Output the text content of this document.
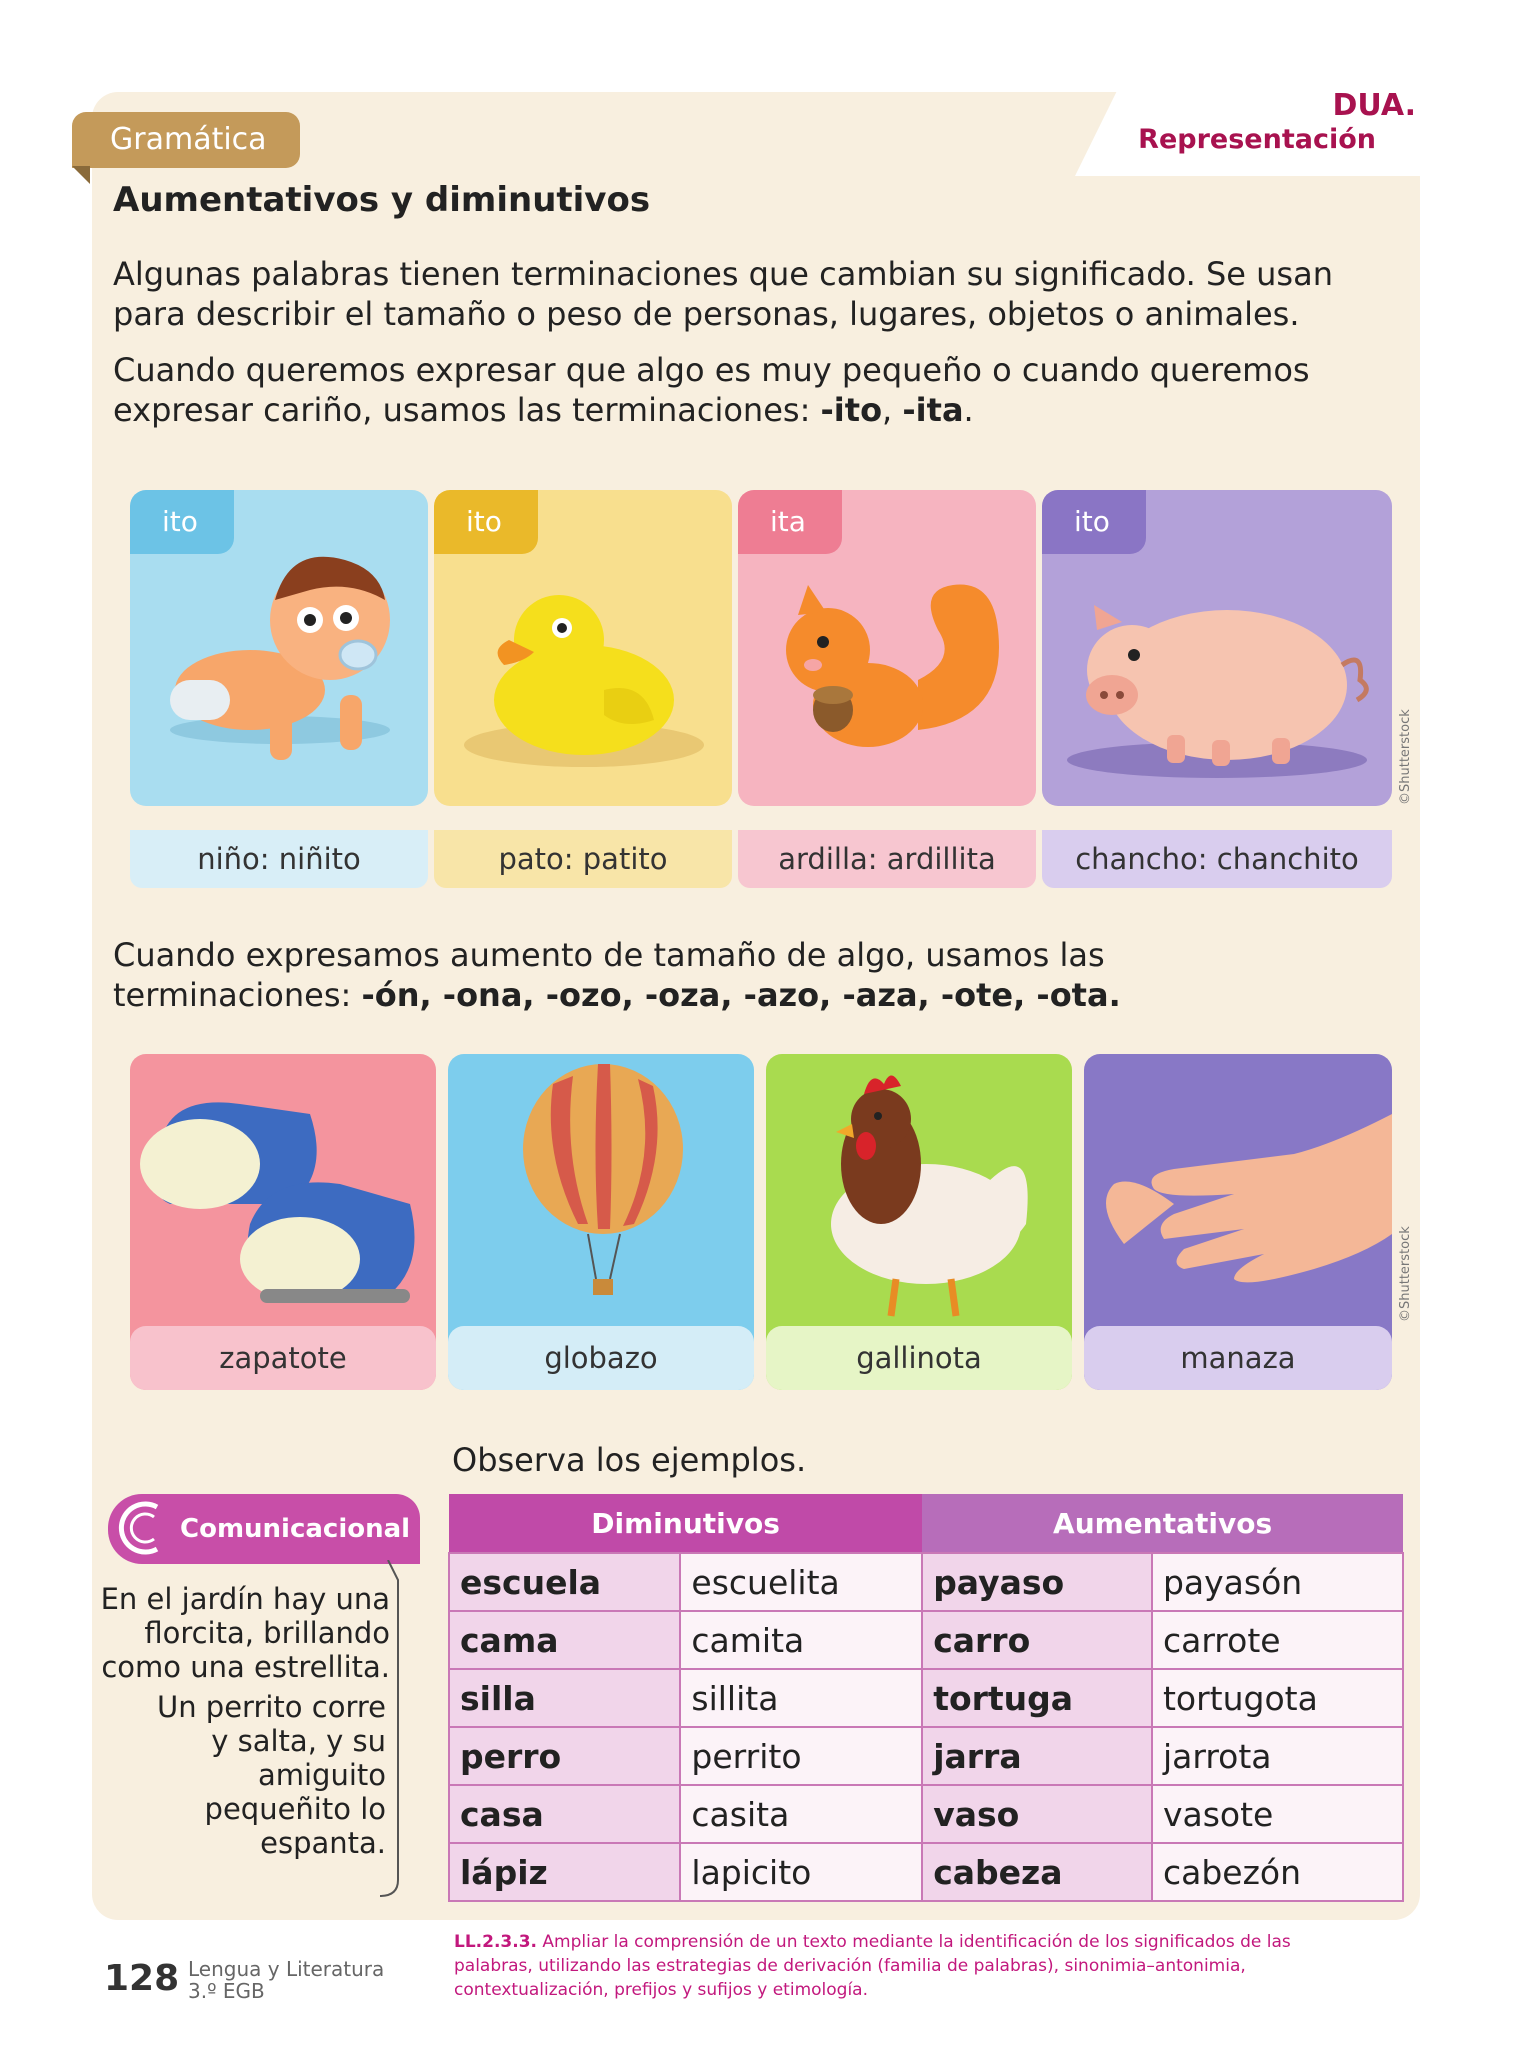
DUA.
Representación
Gramática
Aumentativos y diminutivos

Algunas palabras tienen terminaciones que cambian su significado. Se usan para describir el tamaño o peso de personas, lugares, objetos o animales.

Cuando queremos expresar que algo es muy pequeño o cuando queremos expresar cariño, usamos las terminaciones: -ito, -ita.

ito
niño: niñito
ito
pato: patito
ita
ardilla: ardillita
ito
chancho: chanchito
©Shutterstock

Cuando expresamos aumento de tamaño de algo, usamos las terminaciones: -ón, -ona, -ozo, -oza, -azo, -aza, -ote, -ota.

zapatote	globazo	gallinota	manaza
©Shutterstock
Observa los ejemplos.
Comunicacional
En el jardín hay una florcita, brillando como una estrellita.
Un perrito corre y salta, y su amiguito pequeñito lo espanta.
Diminutivos		Aumentativos	
escuela	escuelita	payaso	payasón
cama	camita	carro	carrote
silla	sillita	tortuga	tortugota
perro	perrito	jarra	jarrota
casa	casita	vaso	vasote
lápiz	lapicito	cabeza	cabezón
128 Lengua y Literatura
3.º EGB
LL.2.3.3. Ampliar la comprensión de un texto mediante la identificación de los significados de las palabras, utilizando las estrategias de derivación (familia de palabras), sinonimia–antonimia, contextualización, prefijos y sufijos y etimología.
